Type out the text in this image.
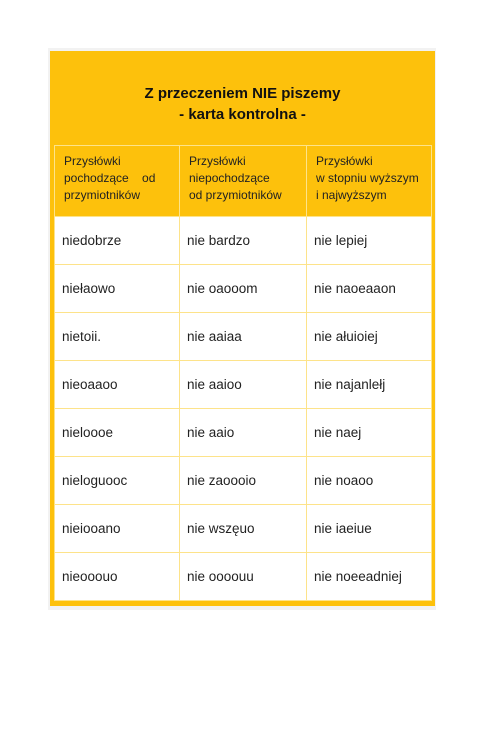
Z przeczeniem NIE piszemy
- karta kontrolna -
Przysłówki
pochodzące    od
przymiotników	Przysłówki
niepochodzące
od przymiotników	Przysłówki
w stopniu wyższym
i najwyższym

niedobrze	nie bardzo	nie lepiej
niełaowo	nie oaooom	nie naoeaaon
nietoii.	nie aaiaa	nie ałuioiej
nieoaaoo	nie aaioo	nie najanlełj
nieloooe	nie aaio	nie naej
nieloguooc	nie zaoooio	nie noaoo
nieiooano	nie wszęuo	nie iaeiue
nieooouo	nie oooouu	nie noeeadniej
